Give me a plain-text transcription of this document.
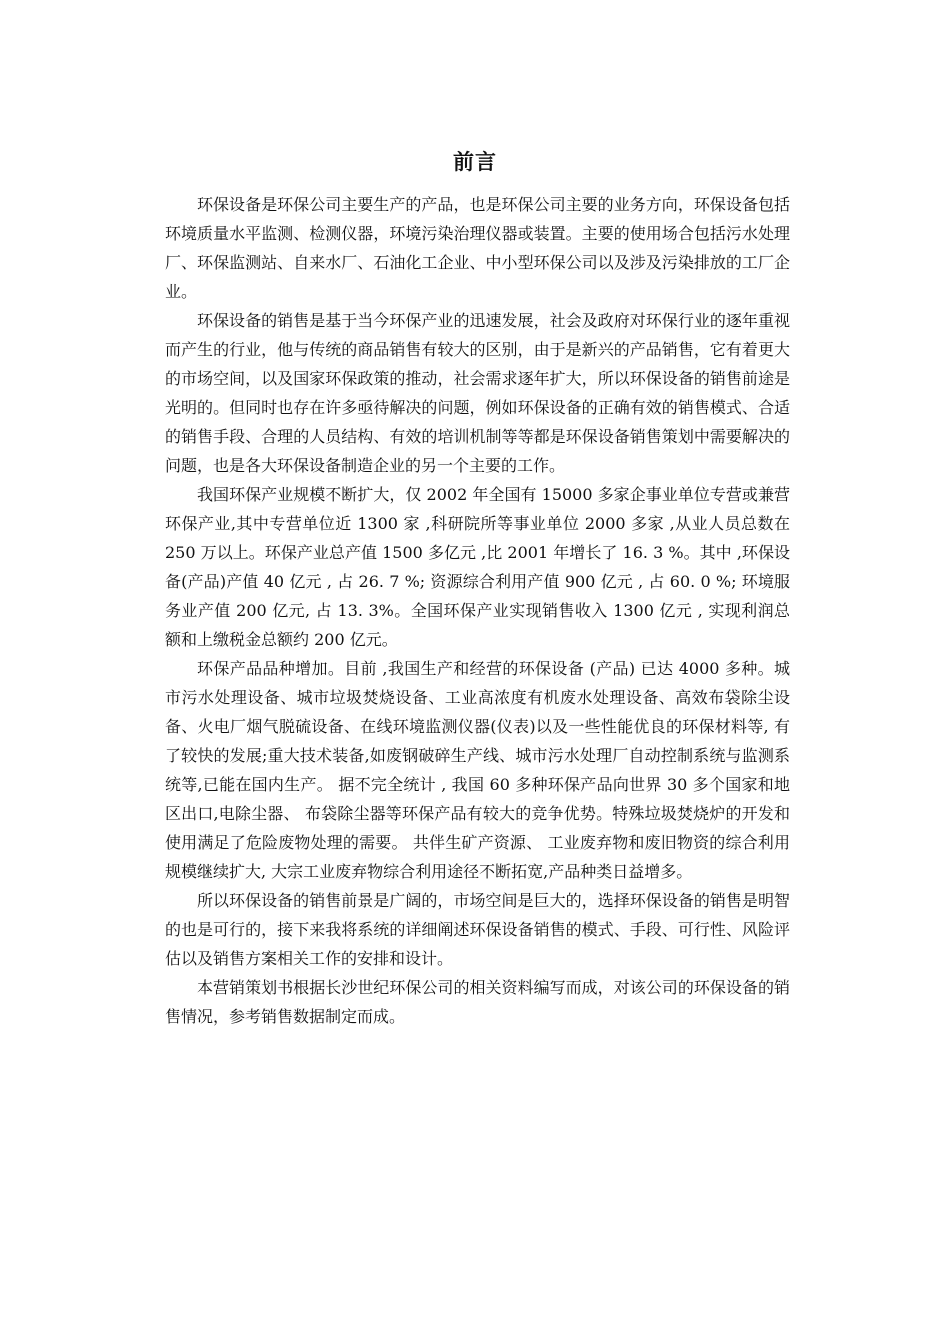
前言

环保设备是环保公司主要生产的产品，也是环保公司主要的业务方向，环保设备包括环境质量水平监测、检测仪器，环境污染治理仪器或装置。主要的使用场合包括污水处理厂、环保监测站、自来水厂、石油化工企业、中小型环保公司以及涉及污染排放的工厂企业。

环保设备的销售是基于当今环保产业的迅速发展，社会及政府对环保行业的逐年重视而产生的行业，他与传统的商品销售有较大的区别，由于是新兴的产品销售，它有着更大的市场空间，以及国家环保政策的推动，社会需求逐年扩大，所以环保设备的销售前途是光明的。但同时也存在许多亟待解决的问题，例如环保设备的正确有效的销售模式、合适的销售手段、合理的人员结构、有效的培训机制等等都是环保设备销售策划中需要解决的问题，也是各大环保设备制造企业的另一个主要的工作。

我国环保产业规模不断扩大，仅 2002 年全国有 15000 多家企事业单位专营或兼营环保产业,其中专营单位近 1300 家 ,科研院所等事业单位 2000 多家 ,从业人员总数在 250 万以上。环保产业总产值 1500 多亿元 ,比 2001 年增长了 16. 3 %。其中 ,环保设备(产品)产值 40 亿元 , 占 26. 7 %; 资源综合利用产值 900 亿元 , 占 60. 0 %; 环境服务业产值 200 亿元, 占 13. 3%。全国环保产业实现销售收入 1300 亿元 , 实现利润总额和上缴税金总额约 200 亿元。

环保产品品种增加。目前 ,我国生产和经营的环保设备 (产品) 已达 4000 多种。城市污水处理设备、城市垃圾焚烧设备、工业高浓度有机废水处理设备、高效布袋除尘设备、火电厂烟气脱硫设备、在线环境监测仪器(仪表)以及一些性能优良的环保材料等, 有了较快的发展;重大技术装备,如废钢破碎生产线、城市污水处理厂自动控制系统与监测系统等,已能在国内生产。 据不完全统计 , 我国 60 多种环保产品向世界 30 多个国家和地区出口,电除尘器、 布袋除尘器等环保产品有较大的竞争优势。特殊垃圾焚烧炉的开发和使用满足了危险废物处理的需要。 共伴生矿产资源、 工业废弃物和废旧物资的综合利用规模继续扩大, 大宗工业废弃物综合利用途径不断拓宽,产品种类日益增多。

所以环保设备的销售前景是广阔的，市场空间是巨大的，选择环保设备的销售是明智的也是可行的，接下来我将系统的详细阐述环保设备销售的模式、手段、可行性、风险评估以及销售方案相关工作的安排和设计。

本营销策划书根据长沙世纪环保公司的相关资料编写而成，对该公司的环保设备的销售情况，参考销售数据制定而成。
